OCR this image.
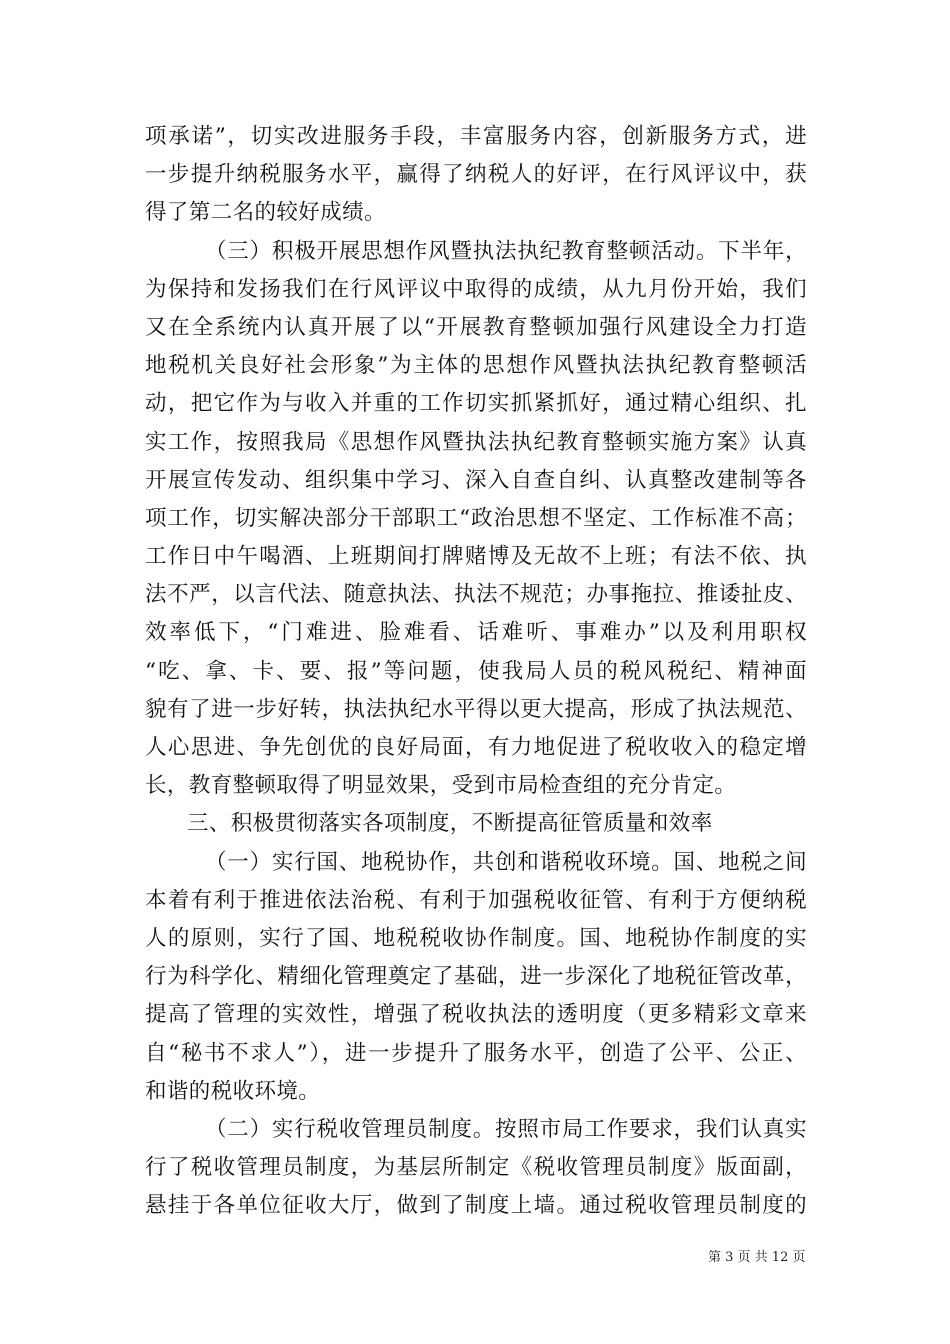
项承诺”，切实改进服务手段，丰富服务内容，创新服务方式，进
一步提升纳税服务水平，赢得了纳税人的好评，在行风评议中，获
得了第二名的较好成绩。
（三）积极开展思想作风暨执法执纪教育整顿活动。下半年，
为保持和发扬我们在行风评议中取得的成绩，从九月份开始，我们
又在全系统内认真开展了以“开展教育整顿加强行风建设全力打造
地税机关良好社会形象”为主体的思想作风暨执法执纪教育整顿活
动，把它作为与收入并重的工作切实抓紧抓好，通过精心组织、扎
实工作，按照我局《思想作风暨执法执纪教育整顿实施方案》认真
开展宣传发动、组织集中学习、深入自查自纠、认真整改建制等各
项工作，切实解决部分干部职工“政治思想不坚定、工作标准不高；
工作日中午喝酒、上班期间打牌赌博及无故不上班；有法不依、执
法不严，以言代法、随意执法、执法不规范；办事拖拉、推诿扯皮、
效率低下，“门难进、脸难看、话难听、事难办”以及利用职权
“吃、拿、卡、要、报”等问题，使我局人员的税风税纪、精神面
貌有了进一步好转，执法执纪水平得以更大提高，形成了执法规范、
人心思进、争先创优的良好局面，有力地促进了税收收入的稳定增
长，教育整顿取得了明显效果，受到市局检查组的充分肯定。
三、积极贯彻落实各项制度，不断提高征管质量和效率
（一）实行国、地税协作，共创和谐税收环境。国、地税之间
本着有利于推进依法治税、有利于加强税收征管、有利于方便纳税
人的原则，实行了国、地税税收协作制度。国、地税协作制度的实
行为科学化、精细化管理奠定了基础，进一步深化了地税征管改革，
提高了管理的实效性，增强了税收执法的透明度（更多精彩文章来
自“秘书不求人”），进一步提升了服务水平，创造了公平、公正、
和谐的税收环境。
（二）实行税收管理员制度。按照市局工作要求，我们认真实
行了税收管理员制度，为基层所制定《税收管理员制度》版面副，
悬挂于各单位征收大厅，做到了制度上墙。通过税收管理员制度的
第 3 页 共 12 页
